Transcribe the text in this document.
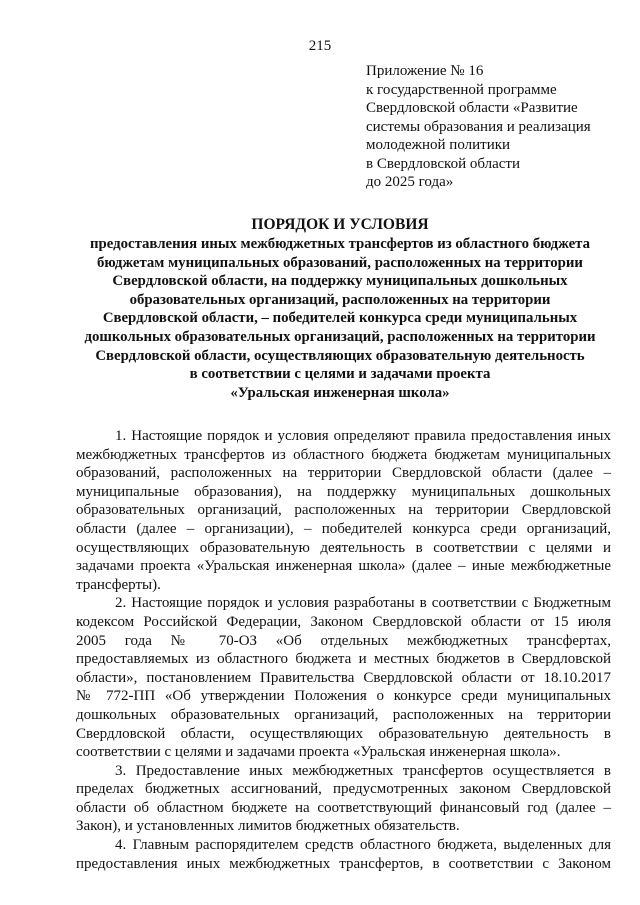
215
Приложение № 16
к государственной программе
Свердловской области «Развитие
системы образования и реализация
молодежной политики
в Свердловской области
до 2025 года»
ПОРЯДОК И УСЛОВИЯ
предоставления иных межбюджетных трансфертов из областного бюджета
бюджетам муниципальных образований, расположенных на территории
Свердловской области, на поддержку муниципальных дошкольных
образовательных организаций, расположенных на территории
Свердловской области, – победителей конкурса среди муниципальных
дошкольных образовательных организаций, расположенных на территории
Свердловской области, осуществляющих образовательную деятельность
в соответствии с целями и задачами проекта
«Уральская инженерная школа»
1. Настоящие порядок и условия определяют правила предоставления иных
межбюджетных трансфертов из областного бюджета бюджетам муниципальных
образований, расположенных на территории Свердловской области (далее –
муниципальные образования), на поддержку муниципальных дошкольных
образовательных организаций, расположенных на территории Свердловской
области (далее – организации), – победителей конкурса среди организаций,
осуществляющих образовательную деятельность в соответствии с целями и
задачами проекта «Уральская инженерная школа» (далее – иные межбюджетные
трансферты).
2. Настоящие порядок и условия разработаны в соответствии с Бюджетным
кодексом Российской Федерации, Законом Свердловской области от 15 июля
2005 года № 70-ОЗ «Об отдельных межбюджетных трансфертах,
предоставляемых из областного бюджета и местных бюджетов в Свердловской
области», постановлением Правительства Свердловской области от 18.10.2017
№ 772-ПП «Об утверждении Положения о конкурсе среди муниципальных
дошкольных образовательных организаций, расположенных на территории
Свердловской области, осуществляющих образовательную деятельность в
соответствии с целями и задачами проекта «Уральская инженерная школа».
3. Предоставление иных межбюджетных трансфертов осуществляется в
пределах бюджетных ассигнований, предусмотренных законом Свердловской
области об областном бюджете на соответствующий финансовый год (далее –
Закон), и установленных лимитов бюджетных обязательств.
4. Главным распорядителем средств областного бюджета, выделенных для
предоставления иных межбюджетных трансфертов, в соответствии с Законом
